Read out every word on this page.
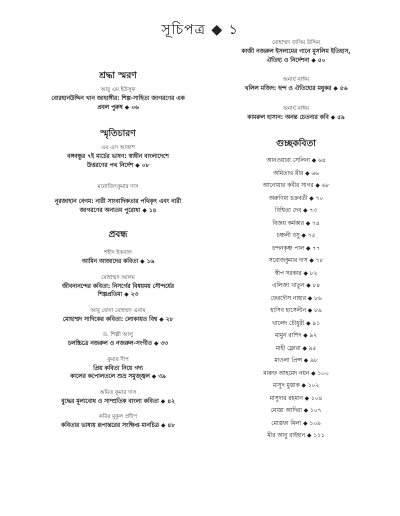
সূচিপত্র ◆ ১
শ্রদ্ধা স্মরণ
আবু এম ইউসুফ
বোরহানউদ্দিন খান জাহাঙ্গীর: শিল্প-সাহিত্য জাগরণের এক
প্রবল পুরুষ ◆ ০৬
স্মৃতিচারণ
এম এস আকাশ
বঙ্গবন্ধুর ৭ই মার্চের ভাষণ: স্বাধীন বাংলাদেশে
উত্তরণের পথ নির্দেশ ◆ ০৮
মনোজিৎকুমার দাস
নূরজাহান বেগম: নারী সাংবাদিকতার পথিকৃৎ এবং নারী
জাগরণের অন্যতম পুরোধা ◆ ১৪
প্রবন্ধ
শহীদ ইকবাল
আমিন আজাদের কবিতা ◆ ১৬
মোহাম্মদ আলম
জীবনানন্দের কবিতা: নিসর্গের বিষয়ময় সৌন্দর্যের
শিল্পপ্রতিমা ◆ ২৩
আবু জেদা মোহম্মদ এনাম
মোহাম্মদ সাদিকের কবিতা: লোকায়ত বিশ্ব ◆ ২৮
ড. শিল্পী আলু
চলচ্চিত্রে নজরুল ও নজরুল-সংগীত ◆ ৩৩
কুমার দীপ
প্রিয় কবিতা নিয়ে গদ্য
কালের কপোলতলে শুভ্র সমুজ্জ্বল ◆ ৩৯
অমিত কুমার দাস
বুদ্ধের মূল্যবোধ ও সাম্প্রতিক বাংলা কবিতা ◆ ৪২
কবির মুকুল প্রদীপ
কবিতার ভাষায় রূপান্তরের সংক্ষিপ্ত মানচিত্র ◆ ৪৮
মোহাম্মদ জসিম উদ্দিন
কাজী নজরুল ইসলামের গানে মুসলিম ইতিহাস,
ঐতিহ্য ও নির্দেশনা ◆ ৫০
অনার্য নাঈম
খলিল মজিদ: ছন্দ ও ঐতিহ্যের মধুকর ◆ ৫৬
অনার্য নাঈম
কামরুল হাসান: অনন্ত চেতনার কবি ◆ ৫৯
গুচ্ছকবিতা
আনওয়ারা সেলিনা ◆ ৬৪
অমিতাভ মীর ◆ ৬৬
আনোয়ার কবীর সাগর ◆ ৬৮
অরুণিমা চক্রবর্তী ◆ ৭০
বিশ্বিতা দেব ◆ ৭৩
বিজয় কর্মকার ◆ ৭৪
চঞ্চলী বসু ◆ ৭৫
চন্দনকৃষ্ণ পাল ◆ ৭৭
সরোজকুমার দাস ◆ ৭৮
স্বীপ সরকার ◆ ৮২
এলিজা খাতুন ◆ ৮৪
ফেরদৌস নাহার ◆ ৮৬
হাসিব হাসেলীন ◆ ৮৯
খালেদ চৌধুরী ◆ ৯১
মামুন রাশিদ ◆ ৯২
মাহী ফ্লোরা ◆ ৯৫
মাওলা প্রিন্স ◆ ৯৮
মারুফ আহমেদ নয়ন ◆ ১০০
মাসুদ মুস্তাক ◆ ১০২
মাসুদার রহমান ◆ ১০৪
মোস্তা আদিরা ◆ ১০৭
মোস্তফা মিলা ◆ ১০৯
মীর আবু রাইহান ◆ ১১১
